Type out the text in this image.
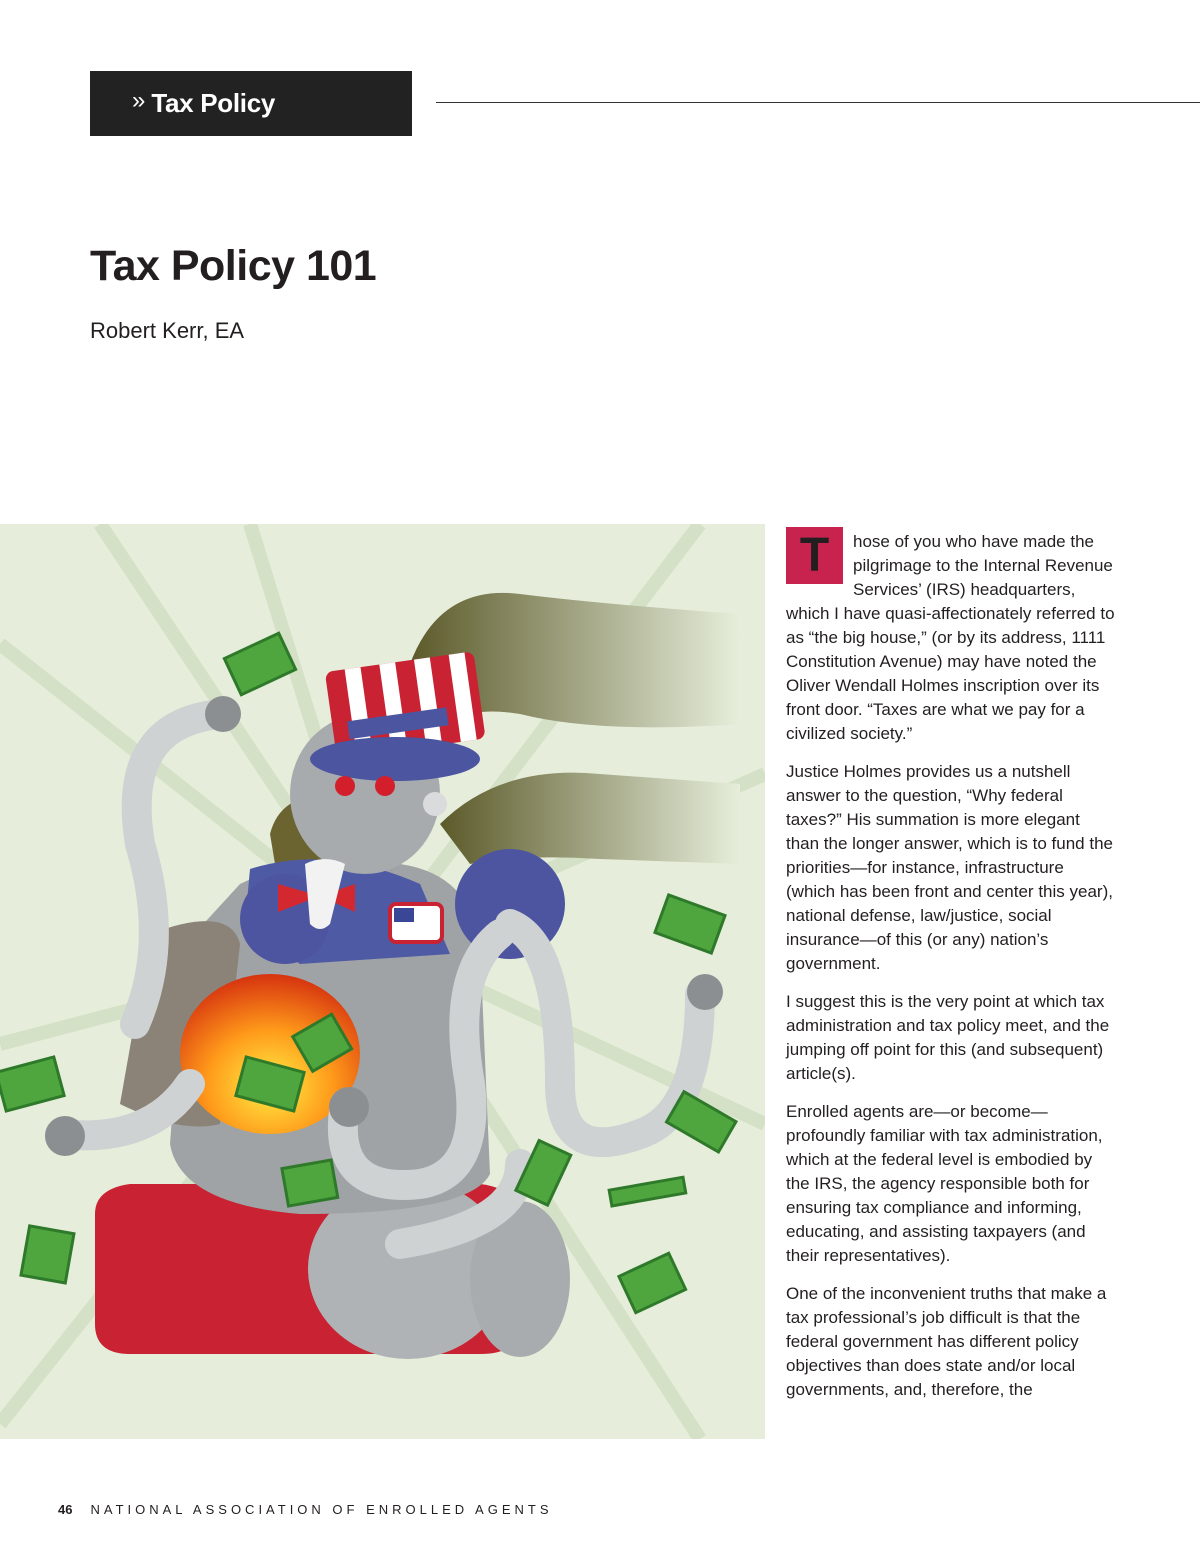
» Tax Policy
Tax Policy 101
Robert Kerr, EA

T	hose of you who have made the pilgrimage to the Internal Revenue Services’ (IRS) headquarters, which I have quasi-affectionately referred to as “the big house,” (or by its address, 1111 Constitution Avenue) may have noted the Oliver Wendall Holmes inscription over its front door. “Taxes are what we pay for a civilized society.”

Justice Holmes provides us a nutshell answer to the question, “Why federal taxes?” His summation is more elegant than the longer answer, which is to fund the priorities—for instance, infrastructure (which has been front and center this year), national defense, law/justice, social insurance—of this (or any) nation’s government.

I suggest this is the very point at which tax administration and tax policy meet, and the jumping off point for this (and subsequent) article(s).

Enrolled agents are—or become—profoundly familiar with tax administration, which at the federal level is embodied by the IRS, the agency responsible both for ensuring tax compliance and informing, educating, and assisting taxpayers (and their representatives).

One of the inconvenient truths that make a tax professional’s job difficult is that the federal government has different policy objectives than does state and/or local governments, and, therefore, the

46 NATIONAL ASSOCIATION OF ENROLLED AGENTS
